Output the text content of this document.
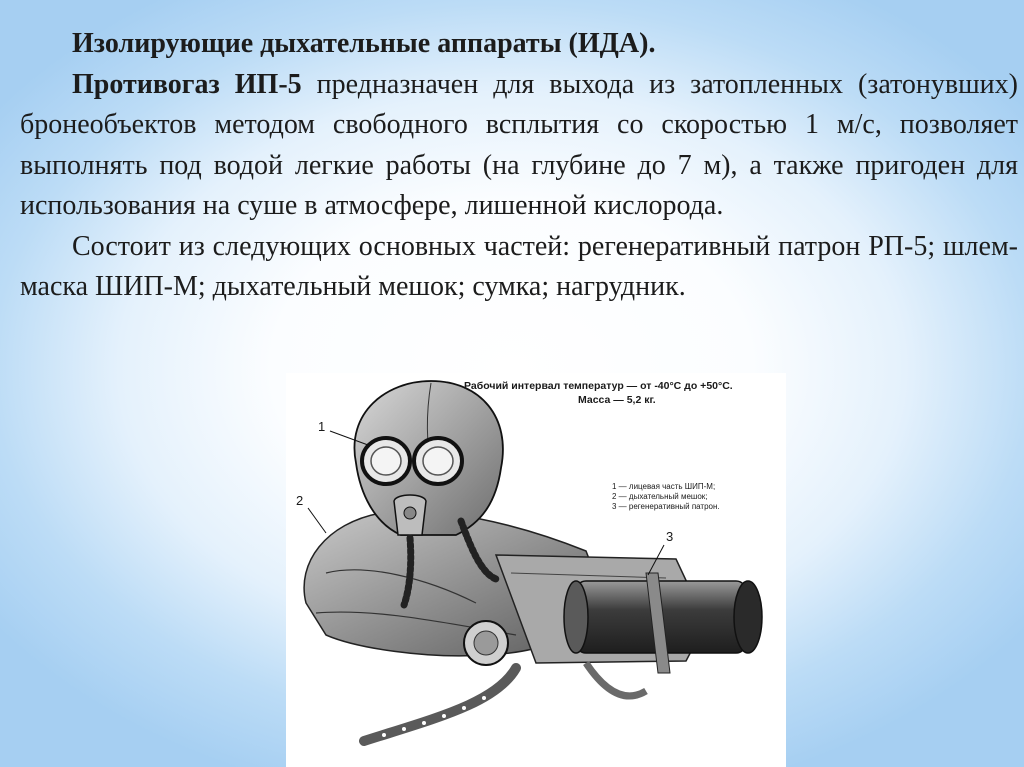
Изолирующие дыхательные аппараты (ИДА).

Противогаз ИП-5 предназначен для выхода из затопленных (затонувших) бронеобъектов методом свободного всплытия со скоростью 1 м/с, позволяет выполнять под водой легкие работы (на глубине до 7 м), а также пригоден для использования на суше в атмосфере, лишенной кислорода.

Состоит из следующих основных частей: регенеративный патрон РП-5; шлем-маска ШИП-М; дыхательный мешок; сумка; нагрудник.

1
2
3
Рабочий интервал температур — от -40°С до +50°С.
Масса — 5,2 кг.
1 — лицевая часть ШИП-М;
2 — дыхательный мешок;
3 — регенеративный патрон.
